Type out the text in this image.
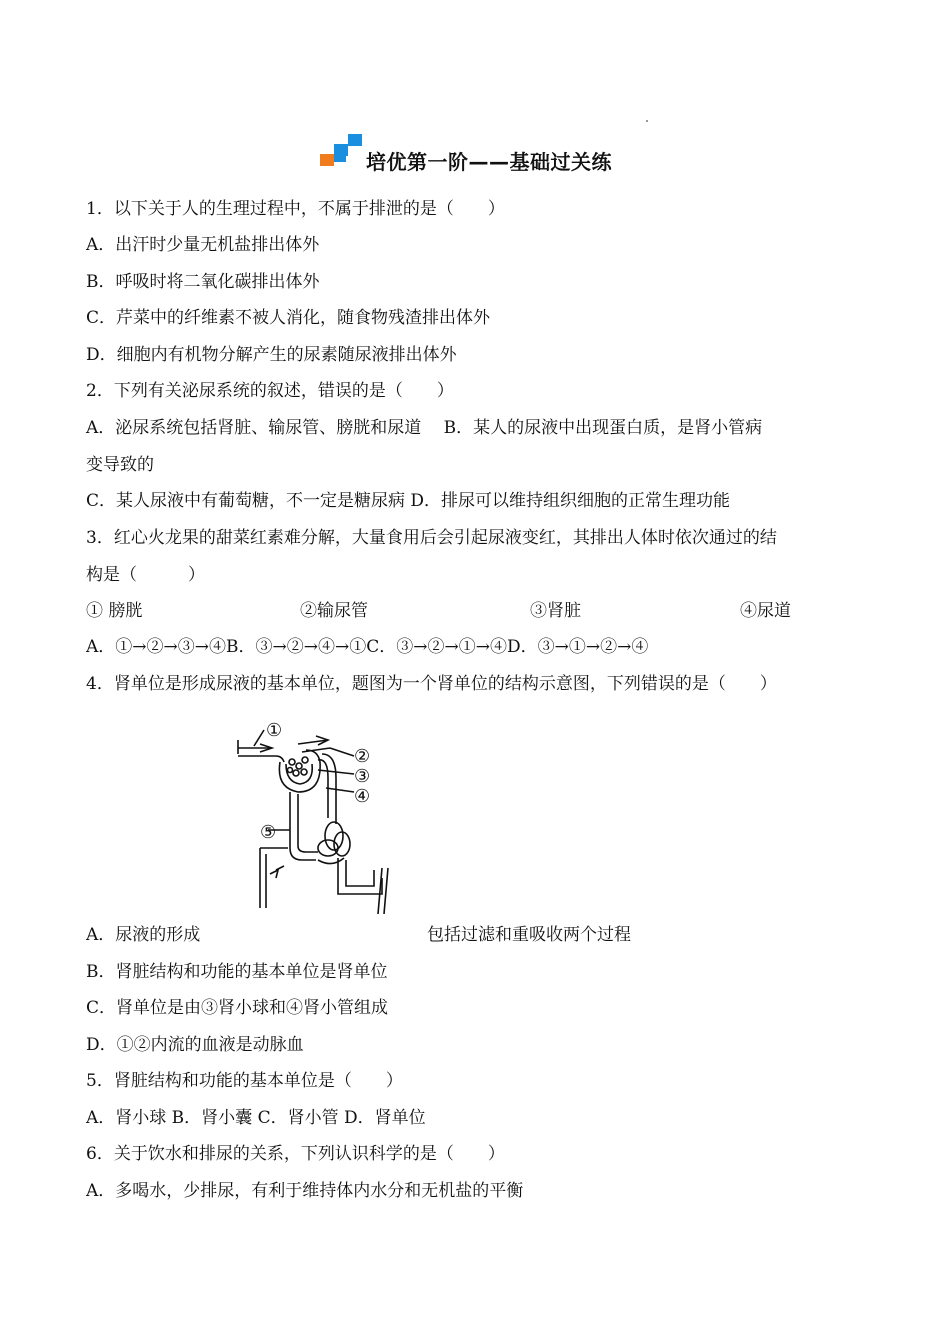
培优第一阶——基础过关练
1．以下关于人的生理过程中，不属于排泄的是（　　）
A．出汗时少量无机盐排出体外
B．呼吸时将二氧化碳排出体外
C．芹菜中的纤维素不被人消化，随食物残渣排出体外
D．细胞内有机物分解产生的尿素随尿液排出体外
2．下列有关泌尿系统的叙述，错误的是（　　）
A．泌尿系统包括肾脏、输尿管、膀胱和尿道　 B．某人的尿液中出现蛋白质，是肾小管病
变导致的
C．某人尿液中有葡萄糖，不一定是糖尿病 D．排尿可以维持组织细胞的正常生理功能
3．红心火龙果的甜菜红素难分解，大量食用后会引起尿液变红，其排出人体时依次通过的结
构是（　　　）
① 膀胱	②输尿管	③肾脏	④尿道
A．①→②→③→④B．③→②→④→①C．③→②→①→④D．③→①→②→④
4．肾单位是形成尿液的基本单位，题图为一个肾单位的结构示意图，下列错误的是（　　）
①
②
③
④
⑤
A．尿液的形成	包括过滤和重吸收两个过程
B．肾脏结构和功能的基本单位是肾单位
C．肾单位是由③肾小球和④肾小管组成
D．①②内流的血液是动脉血
5．肾脏结构和功能的基本单位是（　　）
A．肾小球 B．肾小囊 C．肾小管 D．肾单位
6．关于饮水和排尿的关系，下列认识科学的是（　　）
A．多喝水，少排尿，有利于维持体内水分和无机盐的平衡
